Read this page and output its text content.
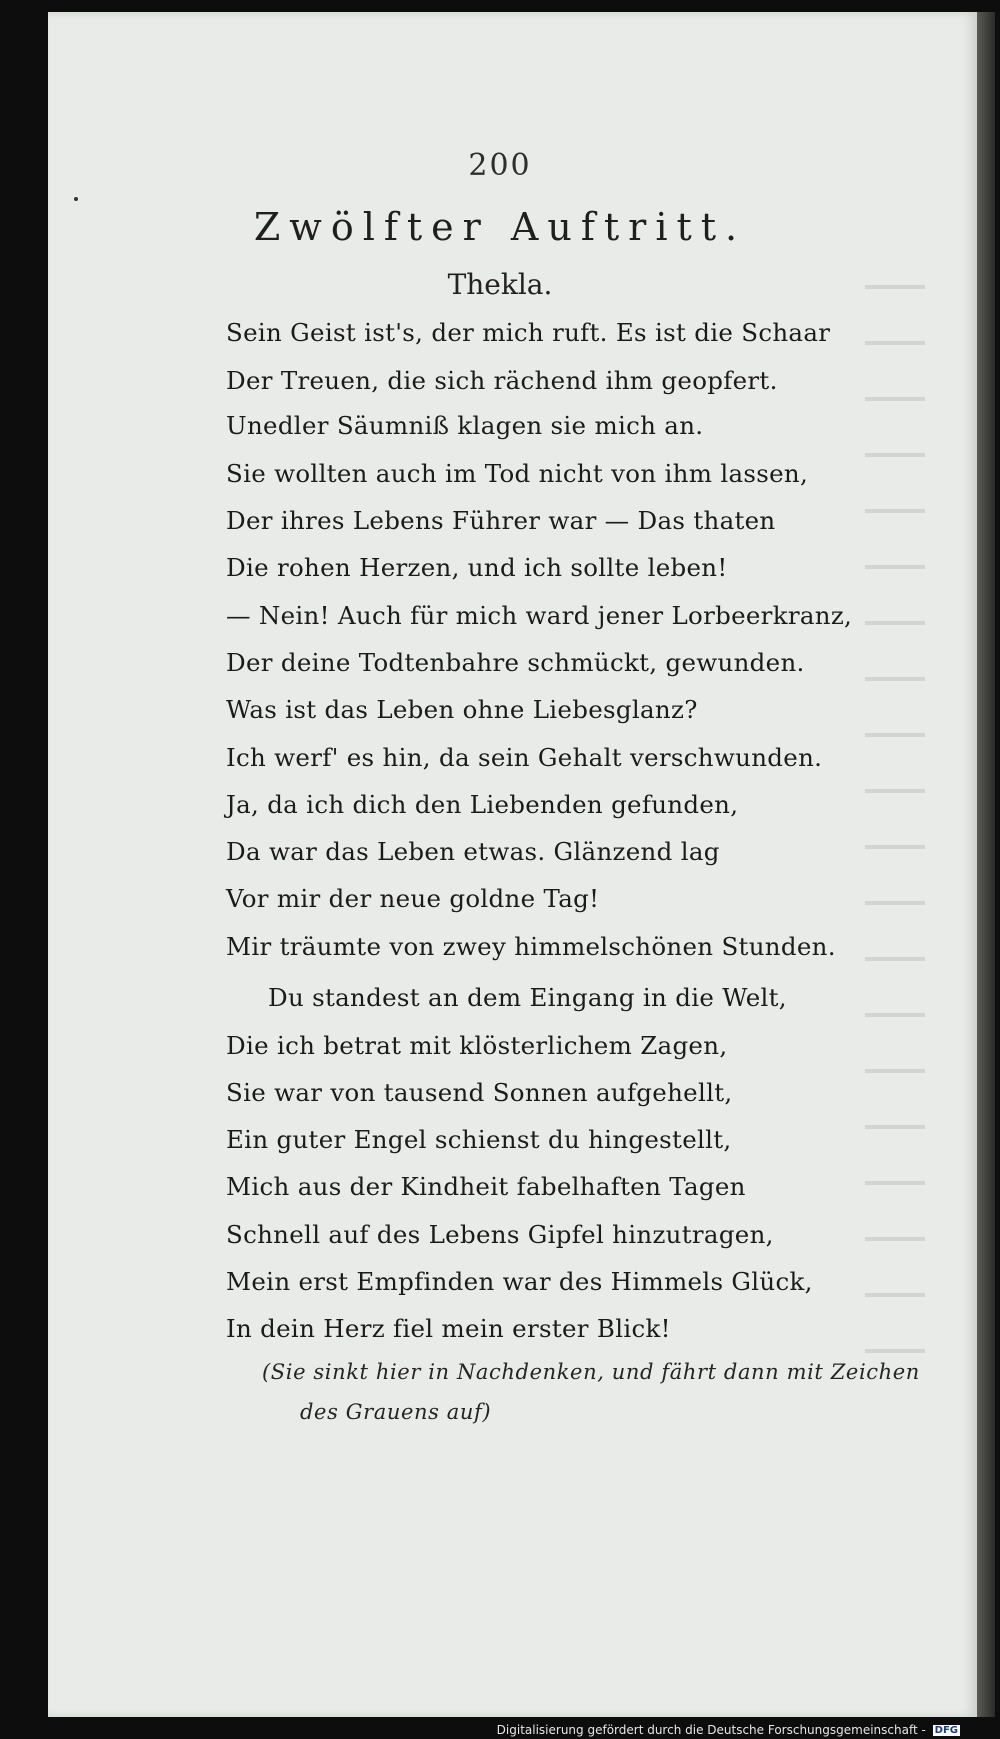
200
Zwölfter Auftritt.
Thekla.
Sein Geist ist's, der mich ruft. Es ist die Schaar
Der Treuen, die sich rächend ihm geopfert.
Unedler Säumniß klagen sie mich an.
Sie wollten auch im Tod nicht von ihm lassen,
Der ihres Lebens Führer war — Das thaten
Die rohen Herzen, und ich sollte leben!
— Nein! Auch für mich ward jener Lorbeerkranz,
Der deine Todtenbahre schmückt, gewunden.
Was ist das Leben ohne Liebesglanz?
Ich werf' es hin, da sein Gehalt verschwunden.
Ja, da ich dich den Liebenden gefunden,
Da war das Leben etwas. Glänzend lag
Vor mir der neue goldne Tag!
Mir träumte von zwey himmelschönen Stunden.
Du standest an dem Eingang in die Welt,
Die ich betrat mit klösterlichem Zagen,
Sie war von tausend Sonnen aufgehellt,
Ein guter Engel schienst du hingestellt,
Mich aus der Kindheit fabelhaften Tagen
Schnell auf des Lebens Gipfel hinzutragen,
Mein erst Empfinden war des Himmels Glück,
In dein Herz fiel mein erster Blick!
(Sie sinkt hier in Nachdenken, und fährt dann mit Zeichen
des Grauens auf)
Digitalisierung gefördert durch die Deutsche Forschungsgemeinschaft - DFG
